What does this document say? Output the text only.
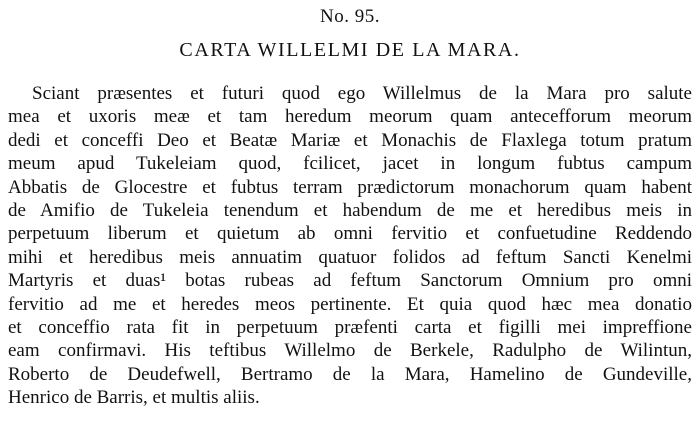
No. 95.
CARTA WILLELMI DE LA MARA.
Sciant præsentes et futuri quod ego Willelmus de la Mara pro salute
mea et uxoris meæ et tam heredum meorum quam antecefforum meorum
dedi et conceffi Deo et Beatæ Mariæ et Monachis de Flaxlega totum pratum
meum apud Tukeleiam quod, fcilicet, jacet in longum fubtus campum
Abbatis de Glocestre et fubtus terram prædictorum monachorum quam habent
de Amifio de Tukeleia tenendum et habendum de me et heredibus meis in
perpetuum liberum et quietum ab omni fervitio et confuetudine Reddendo
mihi et heredibus meis annuatim quatuor folidos ad feftum Sancti Kenelmi
Martyris et duas¹ botas rubeas ad feftum Sanctorum Omnium pro omni
fervitio ad me et heredes meos pertinente. Et quia quod hæc mea donatio
et conceffio rata fit in perpetuum præfenti carta et figilli mei impreffione
eam confirmavi. His teftibus Willelmo de Berkele, Radulpho de Wilintun,
Roberto de Deudefwell, Bertramo de la Mara, Hamelino de Gundeville,
Henrico de Barris, et multis aliis.
